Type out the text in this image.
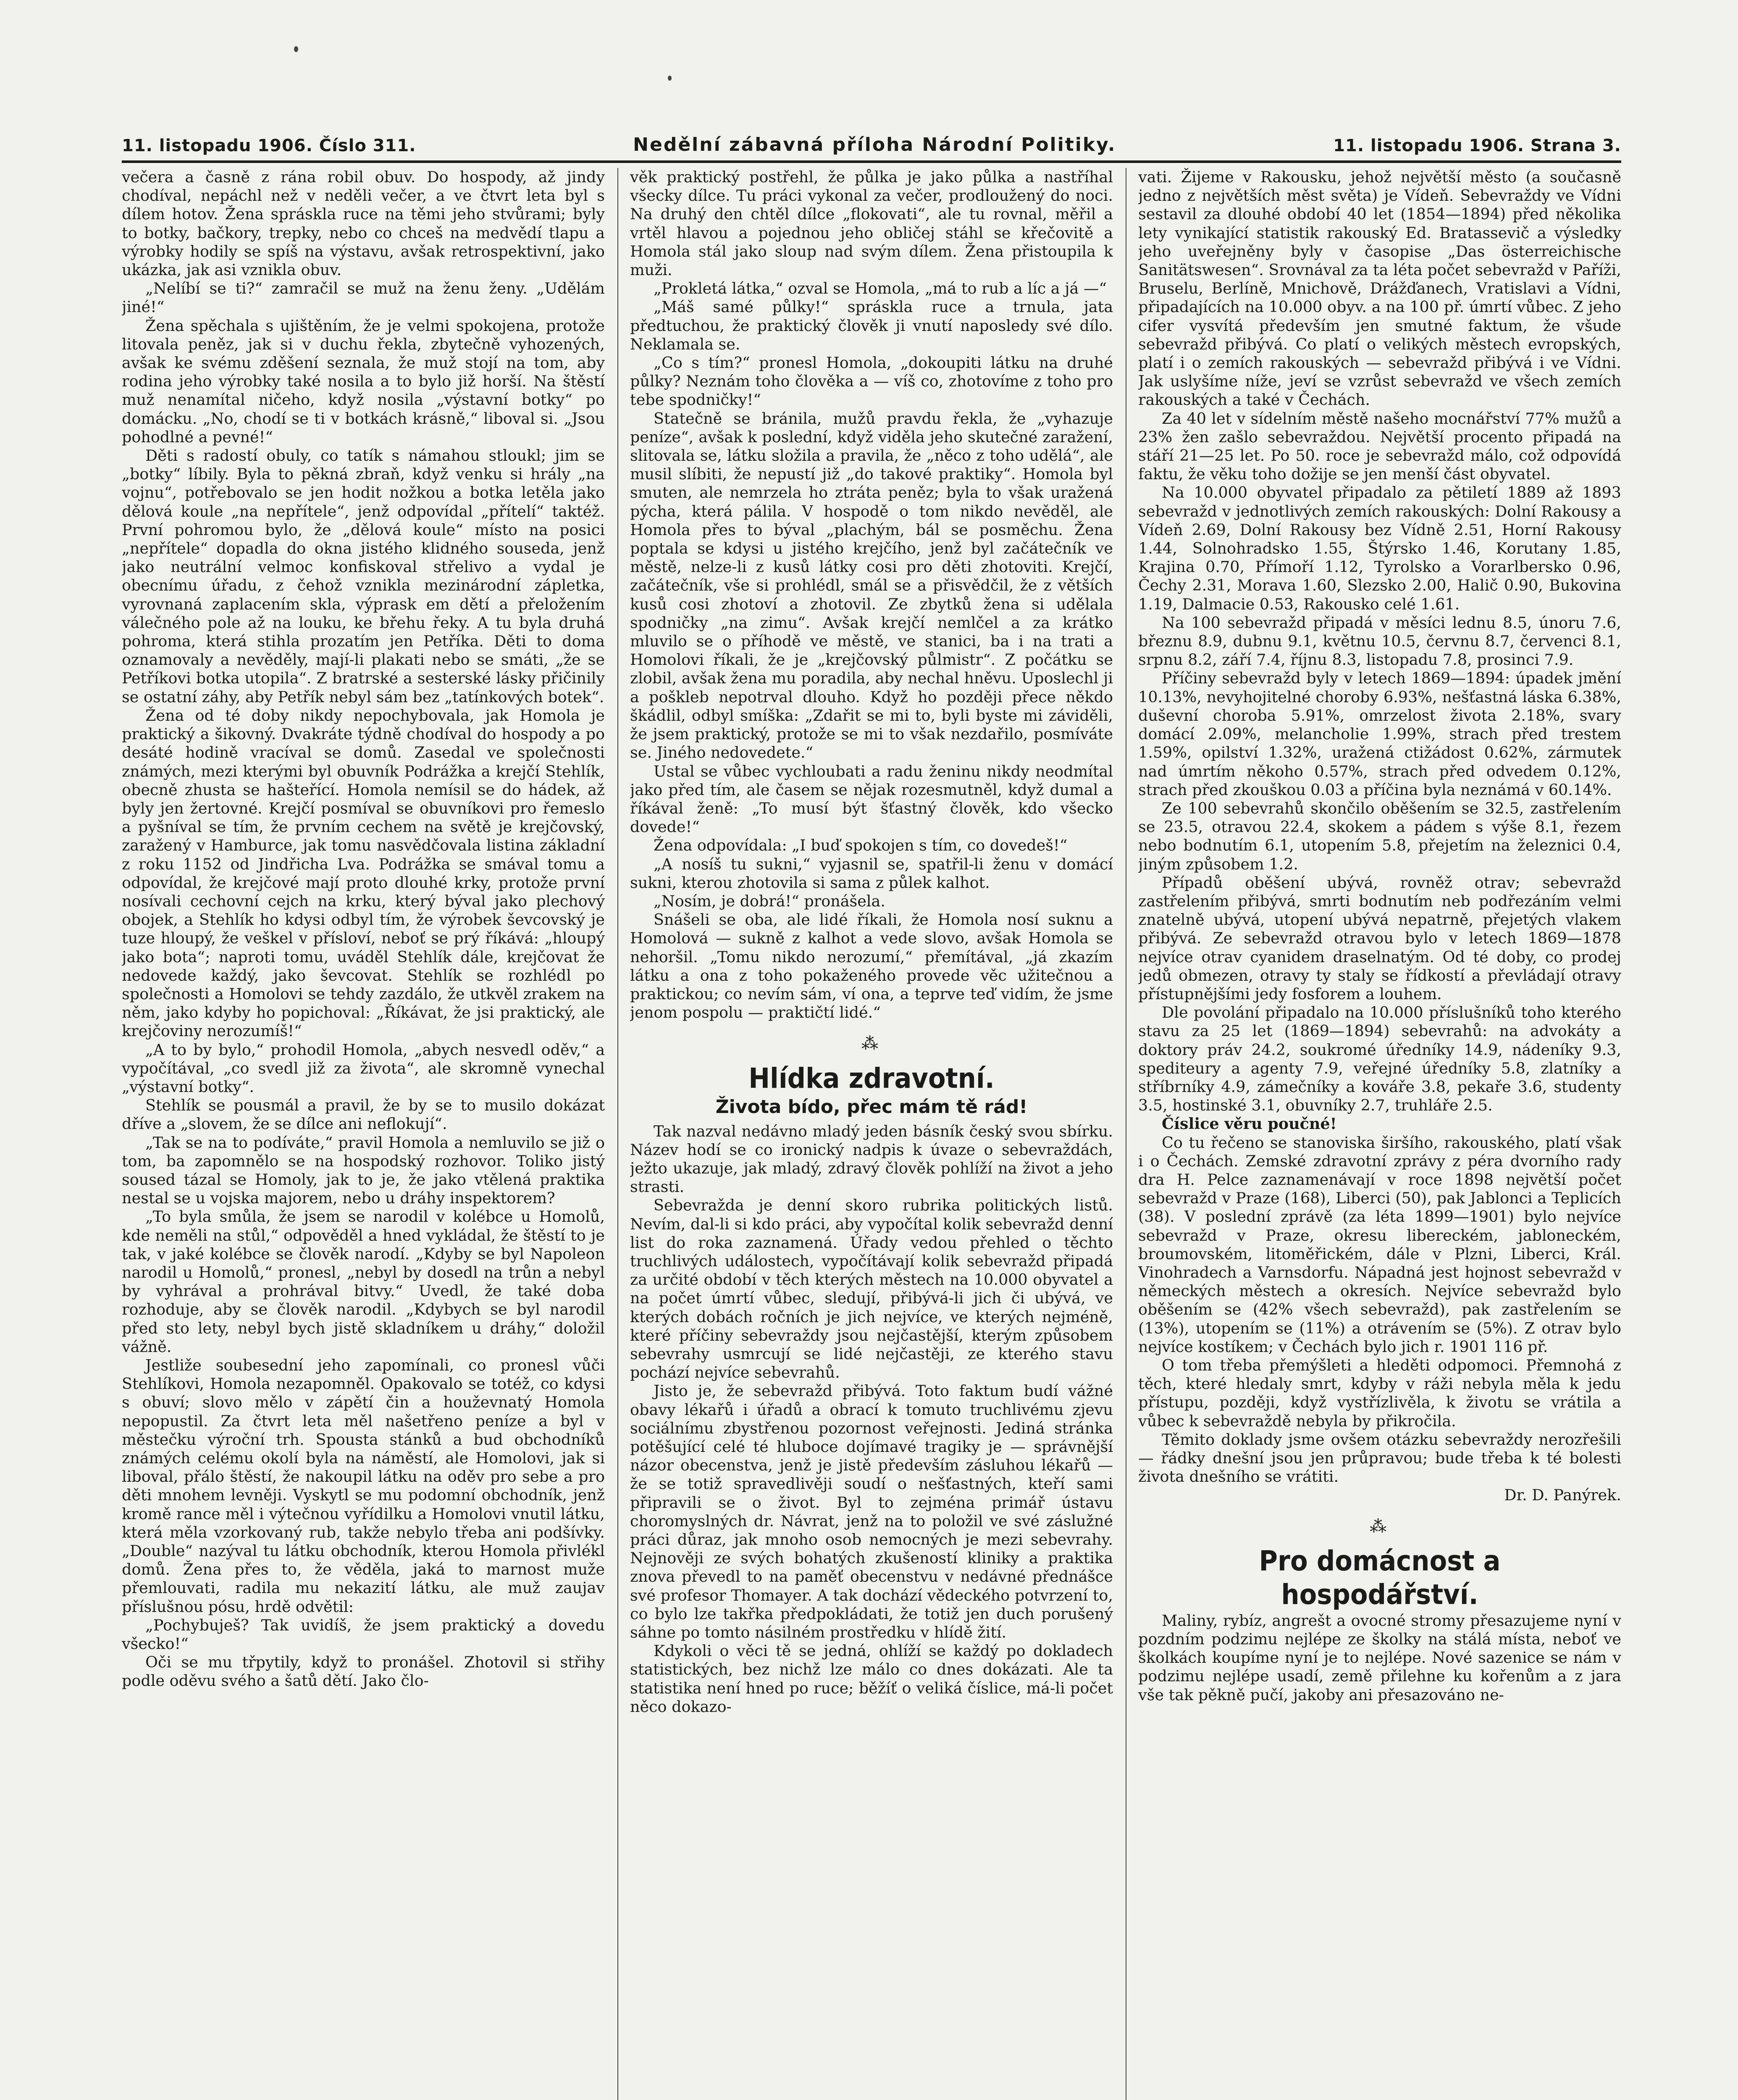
11. listopadu 1906. Číslo 311.	Nedělní zábavná příloha Národní Politiky.	11. listopadu 1906. Strana 3.

večera a časně z rána robil obuv. Do hospody, až jindy chodíval, nepáchl než v neděli večer, a ve čtvrt leta byl s dílem hotov. Žena spráskla ruce na těmi jeho stvůrami; byly to botky, bačkory, trepky, nebo co chceš na medvědí tlapu a výrobky hodily se spíš na výstavu, avšak retrospektivní, jako ukázka, jak asi vznikla obuv.

„Nelíbí se ti?“ zamračil se muž na ženu ženy. „Udělám jiné!“

Žena spěchala s ujištěním, že je velmi spokojena, protože litovala peněz, jak si v duchu řekla, zbytečně vyhozených, avšak ke svému zděšení seznala, že muž stojí na tom, aby rodina jeho výrobky také nosila a to bylo již horší. Na štěstí muž nenamítal ničeho, když nosila „výstavní botky“ po domácku. „No, chodí se ti v botkách krásně,“ liboval si. „Jsou pohodlné a pevné!“

Děti s radostí obuly, co tatík s námahou stloukl; jim se „botky“ líbily. Byla to pěkná zbraň, když venku si hrály „na vojnu“, potřebovalo se jen hodit nožkou a botka letěla jako dělová koule „na nepřítele“, jenž odpovídal „přítelí“ taktéž. První pohromou bylo, že „dělová koule“ místo na posici „nepřítele“ dopadla do okna jistého klidného souseda, jenž jako neutrální velmoc konfiskoval střelivo a vydal je obecnímu úřadu, z čehož vznikla mezinárodní zápletka, vyrovnaná zaplacením skla, výprask em dětí a přeložením válečného pole až na louku, ke břehu řeky. A tu byla druhá pohroma, která stihla prozatím jen Petříka. Děti to doma oznamovaly a nevěděly, mají-li plakati nebo se smáti, „že se Petříkovi botka utopila“. Z bratrské a sesterské lásky přičinily se ostatní záhy, aby Petřík nebyl sám bez „tatínkových botek“.

Žena od té doby nikdy nepochybovala, jak Homola je praktický a šikovný. Dvakráte týdně chodíval do hospody a po desáté hodině vracíval se domů. Zasedal ve společnosti známých, mezi kterými byl obuvník Podrážka a krejčí Stehlík, obecně zhusta se hašteřící. Homola nemísil se do hádek, až byly jen žertovné. Krejčí posmíval se obuvníkovi pro řemeslo a pyšníval se tím, že prvním cechem na světě je krejčovský, zaražený v Hamburce, jak tomu nasvědčovala listina základní z roku 1152 od Jindřicha Lva. Podrážka se smával tomu a odpovídal, že krejčové mají proto dlouhé krky, protože první nosívali cechovní cejch na krku, který býval jako plechový obojek, a Stehlík ho kdysi odbyl tím, že výrobek ševcovský je tuze hloupý, že veškel v přísloví, neboť se prý říkává: „hloupý jako bota“; naproti tomu, uváděl Stehlík dále, krejčovat že nedovede každý, jako ševcovat. Stehlík se rozhlédl po společnosti a Homolovi se tehdy zazdálo, že utkvěl zrakem na něm, jako kdyby ho popichoval: „Říkávat, že jsi praktický, ale krejčoviny nerozumíš!“

„A to by bylo,“ prohodil Homola, „abych nesvedl oděv,“ a vypočítával, „co svedl již za života“, ale skromně vynechal „výstavní botky“.

Stehlík se pousmál a pravil, že by se to musilo dokázat dříve a „slovem, že se dílce ani neflokují“.

„Tak se na to podíváte,“ pravil Homola a nemluvilo se již o tom, ba zapomnělo se na hospodský rozhovor. Toliko jistý soused tázal se Homoly, jak to je, že jako vtělená praktika nestal se u vojska majorem, nebo u dráhy inspektorem?

„To byla smůla, že jsem se narodil v kolébce u Homolů, kde neměli na stůl,“ odpověděl a hned vykládal, že štěstí to je tak, v jaké kolébce se člověk narodí. „Kdyby se byl Napoleon narodil u Homolů,“ pronesl, „nebyl by dosedl na trůn a nebyl by vyhrával a prohrával bitvy.“ Uvedl, že také doba rozhoduje, aby se člověk narodil. „Kdybych se byl narodil před sto lety, nebyl bych jistě skladníkem u dráhy,“ doložil vážně.

Jestliže soubesední jeho zapomínali, co pronesl vůči Stehlíkovi, Homola nezapomněl. Opakovalo se totéž, co kdysi s obuví; slovo mělo v zápětí čin a houževnatý Homola nepopustil. Za čtvrt leta měl našetřeno peníze a byl v městečku výroční trh. Spousta stánků a bud obchodníků známých celému okolí byla na náměstí, ale Homolovi, jak si liboval, přálo štěstí, že nakoupil látku na oděv pro sebe a pro děti mnohem levněji. Vyskytl se mu podomní obchodník, jenž kromě rance měl i výtečnou vyřídilku a Homolovi vnutil látku, která měla vzorkovaný rub, takže nebylo třeba ani podšívky. „Double“ nazýval tu látku obchodník, kterou Homola přivlékl domů. Žena přes to, že věděla, jaká to marnost muže přemlouvati, radila mu nekazití látku, ale muž zaujav příslušnou pósu, hrdě odvětil:

„Pochybuješ? Tak uvidíš, že jsem praktický a dovedu všecko!“

Oči se mu třpytily, když to pronášel. Zhotovil si střihy podle oděvu svého a šatů dětí. Jako člo-

věk praktický postřehl, že půlka je jako půlka a nastříhal všecky dílce. Tu práci vykonal za večer, prodloužený do noci. Na druhý den chtěl dílce „flokovati“, ale tu rovnal, měřil a vrtěl hlavou a pojednou jeho obličej stáhl se křečovitě a Homola stál jako sloup nad svým dílem. Žena přistoupila k muži.

„Prokletá látka,“ ozval se Homola, „má to rub a líc a já —“

„Máš samé půlky!“ spráskla ruce a trnula, jata předtuchou, že praktický člověk ji vnutí naposledy své dílo. Neklamala se.

„Co s tím?“ pronesl Homola, „dokoupiti látku na druhé půlky? Neznám toho člověka a — víš co, zhotovíme z toho pro tebe spodničky!“

Statečně se bránila, mužů pravdu řekla, že „vyhazuje peníze“, avšak k poslední, když viděla jeho skutečné zaražení, slitovala se, látku složila a pravila, že „něco z toho udělá“, ale musil slíbiti, že nepustí již „do takové praktiky“. Homola byl smuten, ale nemrzela ho ztráta peněz; byla to však uražená pýcha, která pálila. V hospodě o tom nikdo nevěděl, ale Homola přes to býval „plachým, bál se posměchu. Žena poptala se kdysi u jistého krejčího, jenž byl začátečník ve městě, nelze-li z kusů látky cosi pro děti zhotoviti. Krejčí, začátečník, vše si prohlédl, smál se a přisvědčil, že z větších kusů cosi zhotoví a zhotovil. Ze zbytků žena si udělala spodničky „na zimu“. Avšak krejčí nemlčel a za krátko mluvilo se o příhodě ve městě, ve stanici, ba i na trati a Homolovi říkali, že je „krejčovský půlmistr“. Z počátku se zlobil, avšak žena mu poradila, aby nechal hněvu. Uposlechl ji a poškleb nepotrval dlouho. Když ho později přece někdo škádlil, odbyl smíška: „Zdařit se mi to, byli byste mi záviděli, že jsem praktický, protože se mi to však nezdařilo, posmíváte se. Jiného nedovedete.“

Ustal se vůbec vychloubati a radu ženinu nikdy neodmítal jako před tím, ale časem se nějak rozesmutněl, když dumal a říkával ženě: „To musí být šťastný člověk, kdo všecko dovede!“

Žena odpovídala: „I buď spokojen s tím, co dovedeš!“

„A nosíš tu sukni,“ vyjasnil se, spatřil-li ženu v domácí sukni, kterou zhotovila si sama z půlek kalhot.

„Nosím, je dobrá!“ pronášela.

Snášeli se oba, ale lidé říkali, že Homola nosí suknu a Homolová — sukně z kalhot a vede slovo, avšak Homola se nehoršil. „Tomu nikdo nerozumí,“ přemítával, „já zkazím látku a ona z toho pokaženého provede věc užitečnou a praktickou; co nevím sám, ví ona, a teprve teď vidím, že jsme jenom pospolu — praktičtí lidé.“

⁂
Hlídka zdravotní.
Života bído, přec mám tě rád!

Tak nazval nedávno mladý jeden básník český svou sbírku. Název hodí se co ironický nadpis k úvaze o sebevraždách, ježto ukazuje, jak mladý, zdravý člověk pohlíží na život a jeho strasti.

Sebevražda je denní skoro rubrika politických listů. Nevím, dal-li si kdo práci, aby vypočítal kolik sebevražd denní list do roka zaznamená. Úřady vedou přehled o těchto truchlivých událostech, vypočítávají kolik sebevražd připadá za určité období v těch kterých městech na 10.000 obyvatel a na počet úmrtí vůbec, sledují, přibývá-li jich či ubývá, ve kterých dobách ročních je jich nejvíce, ve kterých nejméně, které příčiny sebevraždy jsou nejčastější, kterým způsobem sebevrahy usmrcují se lidé nejčastěji, ze kterého stavu pochází nejvíce sebevrahů.

Jisto je, že sebevražd přibývá. Toto faktum budí vážné obavy lékařů i úřadů a obrací k tomuto truchlivému zjevu sociálnímu zbystřenou pozornost veřejnosti. Jediná stránka potěšující celé té hluboce dojímavé tragiky je — správnější názor obecenstva, jenž je jistě především zásluhou lékařů — že se totiž spravedlivěji soudí o nešťastných, kteří sami připravili se o život. Byl to zejména primář ústavu choromyslných dr. Návrat, jenž na to položil ve své záslužné práci důraz, jak mnoho osob nemocných je mezi sebevrahy. Nejnověji ze svých bohatých zkušeností kliniky a praktika znova převedl to na paměť obecenstvu v nedávné přednášce své profesor Thomayer. A tak dochází vědeckého potvrzení to, co bylo lze takřka předpokládati, že totiž jen duch porušený sáhne po tomto násilném prostředku v hlídě žití.

Kdykoli o věci tě se jedná, ohlíží se každý po dokladech statistických, bez nichž lze málo co dnes dokázati. Ale ta statistika není hned po ruce; běžíť o veliká číslice, má-li počet něco dokazo-

vati. Žijeme v Rakousku, jehož největší město (a současně jedno z největších měst světa) je Vídeň. Sebevraždy ve Vídni sestavil za dlouhé období 40 let (1854—1894) před několika lety vynikající statistik rakouský Ed. Bratassevič a výsledky jeho uveřejněny byly v časopise „Das österreichische Sanitätswesen“. Srovnával za ta léta počet sebevražd v Paříži, Bruselu, Berlíně, Mnichově, Drážďanech, Vratislavi a Vídni, připadajících na 10.000 obyv. a na 100 př. úmrtí vůbec. Z jeho cifer vysvítá především jen smutné faktum, že všude sebevražd přibývá. Co platí o velikých městech evropských, platí i o zemích rakouských — sebevražd přibývá i ve Vídni. Jak uslyšíme níže, jeví se vzrůst sebevražd ve všech zemích rakouských a také v Čechách.

Za 40 let v sídelním městě našeho mocnářství 77% mužů a 23% žen zašlo sebevraždou. Největší procento připadá na stáří 21—25 let. Po 50. roce je sebevražd málo, což odpovídá faktu, že věku toho dožije se jen menší část obyvatel.

Na 10.000 obyvatel připadalo za pětiletí 1889 až 1893 sebevražd v jednotlivých zemích rakouských: Dolní Rakousy a Vídeň 2.69, Dolní Rakousy bez Vídně 2.51, Horní Rakousy 1.44, Solnohradsko 1.55, Štýrsko 1.46, Korutany 1.85, Krajina 0.70, Přímoří 1.12, Tyrolsko a Vorarlbersko 0.96, Čechy 2.31, Morava 1.60, Slezsko 2.00, Halič 0.90, Bukovina 1.19, Dalmacie 0.53, Rakousko celé 1.61.

Na 100 sebevražd připadá v měsíci lednu 8.5, únoru 7.6, březnu 8.9, dubnu 9.1, květnu 10.5, červnu 8.7, červenci 8.1, srpnu 8.2, září 7.4, říjnu 8.3, listopadu 7.8, prosinci 7.9.

Příčiny sebevražd byly v letech 1869—1894: úpadek jmění 10.13%, nevyhojitelné choroby 6.93%, nešťastná láska 6.38%, duševní choroba 5.91%, omrzelost života 2.18%, svary domácí 2.09%, melancholie 1.99%, strach před trestem 1.59%, opilství 1.32%, uražená ctižádost 0.62%, zármutek nad úmrtím někoho 0.57%, strach před odvedem 0.12%, strach před zkouškou 0.03 a příčina byla neznámá v 60.14%.

Ze 100 sebevrahů skončilo oběšením se 32.5, zastřelením se 23.5, otravou 22.4, skokem a pádem s výše 8.1, řezem nebo bodnutím 6.1, utopením 5.8, přejetím na železnici 0.4, jiným způsobem 1.2.

Případů oběšení ubývá, rovněž otrav; sebevražd zastřelením přibývá, smrti bodnutím neb podřezáním velmi znatelně ubývá, utopení ubývá nepatrně, přejetých vlakem přibývá. Ze sebevražd otravou bylo v letech 1869—1878 nejvíce otrav cyanidem draselnatým. Od té doby, co prodej jedů obmezen, otravy ty staly se řídkostí a převládají otravy přístupnějšími jedy fosforem a louhem.

Dle povolání připadalo na 10.000 příslušníků toho kterého stavu za 25 let (1869—1894) sebevrahů: na advokáty a doktory práv 24.2, soukromé úředníky 14.9, nádeníky 9.3, spediteury a agenty 7.9, veřejné úředníky 5.8, zlatníky a stříbrníky 4.9, zámečníky a kováře 3.8, pekaře 3.6, studenty 3.5, hostinské 3.1, obuvníky 2.7, truhláře 2.5.

Číslice věru poučné!

Co tu řečeno se stanoviska širšího, rakouského, platí však i o Čechách. Zemské zdravotní zprávy z péra dvorního rady dra H. Pelce zaznamenávají v roce 1898 největší počet sebevražd v Praze (168), Liberci (50), pak Jablonci a Teplicích (38). V poslední zprávě (za léta 1899—1901) bylo nejvíce sebevražd v Praze, okresu libereckém, jabloneckém, broumovském, litoměřickém, dále v Plzni, Liberci, Král. Vinohradech a Varnsdorfu. Nápadná jest hojnost sebevražd v německých městech a okresích. Nejvíce sebevražd bylo oběšením se (42% všech sebevražd), pak zastřelením se (13%), utopením se (11%) a otrávením se (5%). Z otrav bylo nejvíce kostíkem; v Čechách bylo jich r. 1901 116 př.

O tom třeba přemýšleti a hleděti odpomoci. Přemnohá z těch, které hledaly smrt, kdyby v ráži nebyla měla k jedu přístupu, později, když vystřízlivěla, k životu se vrátila a vůbec k sebevraždě nebyla by přikročila.

Těmito doklady jsme ovšem otázku sebevraždy nerozřešili — řádky dnešní jsou jen průpravou; bude třeba k té bolesti života dnešního se vrátiti.

Dr. D. Panýrek.

⁂
Pro domácnost a hospodářství.

Maliny, rybíz, angrešt a ovocné stromy přesazujeme nyní v pozdním podzimu nejlépe ze školky na stálá místa, neboť ve školkách koupíme nyní je to nejlépe. Nové sazenice se nám v podzimu nejlépe usadí, země přilehne ku kořenům a z jara vše tak pěkně pučí, jakoby ani přesazováno ne-
